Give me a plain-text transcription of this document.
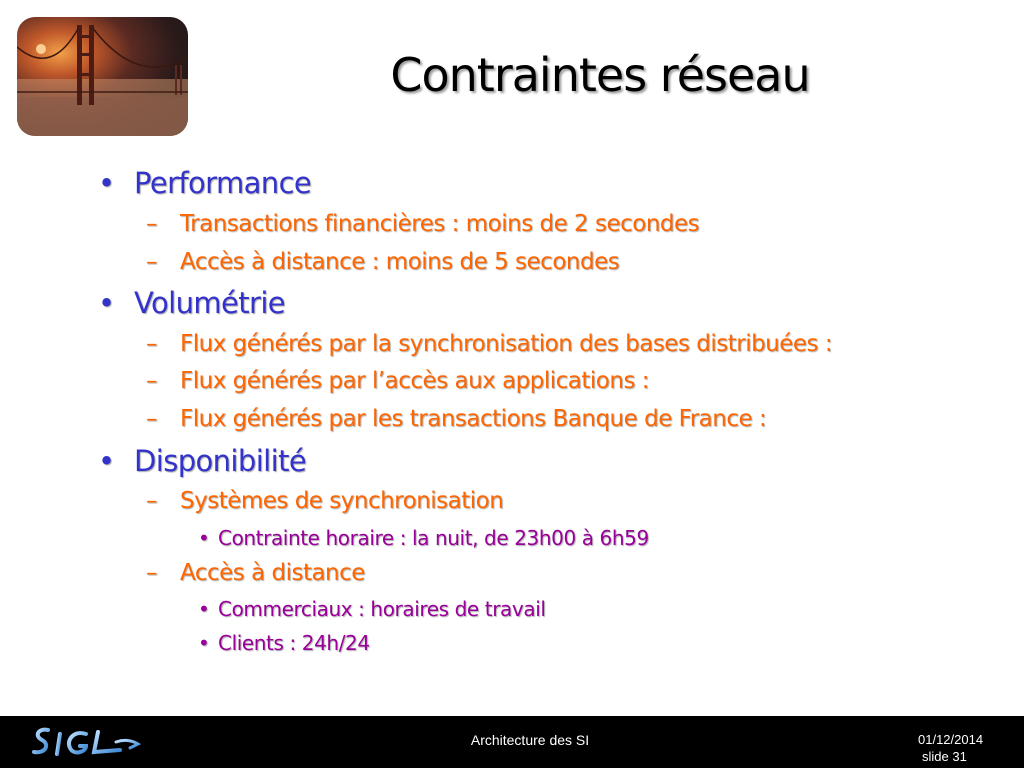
Contraintes réseau
• Performance
– Transactions financières : moins de 2 secondes
– Accès à distance : moins de 5 secondes
• Volumétrie
– Flux générés par la synchronisation des bases distribuées :
– Flux générés par l’accès aux applications :
– Flux générés par les transactions Banque de France :
• Disponibilité
– Systèmes de synchronisation
• Contrainte horaire : la nuit, de 23h00 à 6h59
– Accès à distance
• Commerciaux : horaires de travail
• Clients : 24h/24
Architecture des SI	01/12/2014
slide 31
